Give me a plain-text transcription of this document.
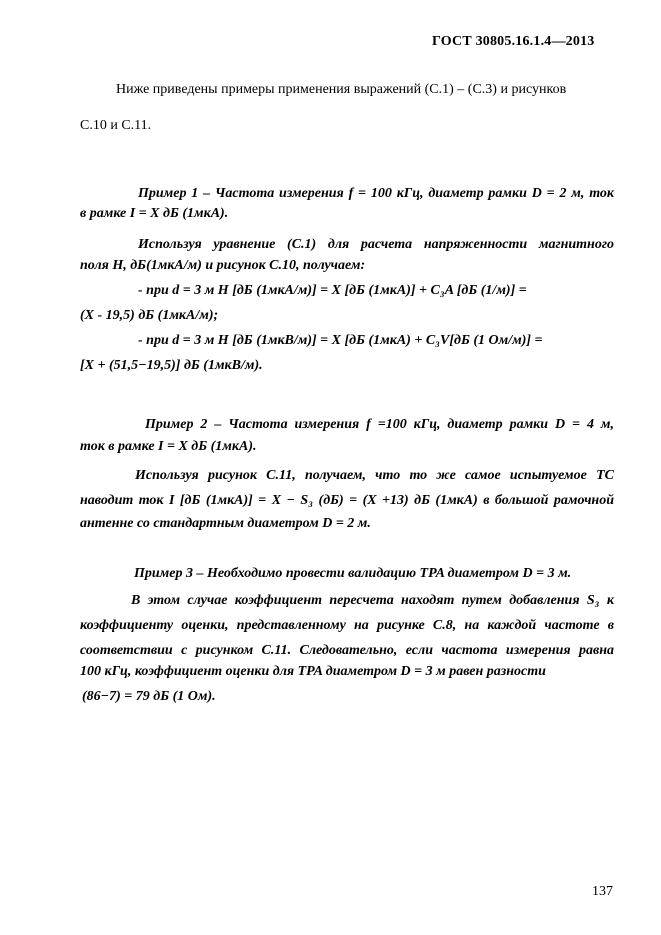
ГОСТ 30805.16.1.4—2013
Ниже приведены примеры применения выражений (С.1) – (С.3) и рисунков
С.10 и С.11.
Пример 1 – Частота измерения f = 100 кГц, диаметр рамки D = 2 м, ток
в рамке I = X дБ (1мкА).
Используя уравнение (С.1) для расчета напряженности магнитного
поля H, дБ(1мкА/м) и рисунок С.10, получаем:
- при d = 3 м H [дБ (1мкА/м)] = X [дБ (1мкА)] + C₃A [дБ (1/м)] =
(X - 19,5) дБ (1мкА/м);
- при d = 3 м H [дБ (1мкВ/м)] = X [дБ (1мкА) + C₃V[дБ (1 Ом/м)] =
[X + (51,5−19,5)] дБ (1мкВ/м).
Пример 2 – Частота измерения f =100 кГц, диаметр рамки D = 4 м,
ток в рамке I = X дБ (1мкА).
Используя рисунок С.11, получаем, что то же самое испытуемое ТС
наводит ток I [дБ (1мкА)] = X − S₃ (дБ) = (X +13) дБ (1мкА) в большой рамочной
антенне со стандартным диаметром D = 2 м.
Пример 3 – Необходимо провести валидацию TPA диаметром D = 3 м.
В этом случае коэффициент пересчета находят путем добавления S₃ к
коэффициенту оценки, представленному на рисунке С.8, на каждой частоте в
соответствии с рисунком С.11. Следовательно, если частота измерения равна
100 кГц, коэффициент оценки для TPA диаметром D = 3 м равен разности
(86−7) = 79 дБ (1 Ом).
137
